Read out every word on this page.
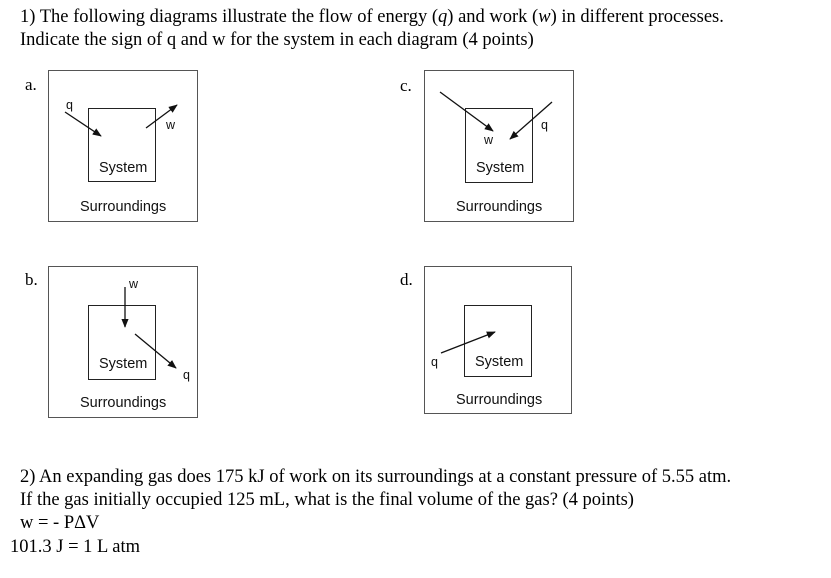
1) The following diagrams illustrate the flow of energy (q) and work (w) in different processes.
Indicate the sign of q and w for the system in each diagram (4 points)
a.	c.
b.	d.
System
Surroundings
q
w
System
Surroundings
w
q
System
Surroundings
w
q
System
Surroundings
q
2) An expanding gas does 175 kJ of work on its surroundings at a constant pressure of 5.55 atm.
If the gas initially occupied 125 mL, what is the final volume of the gas? (4 points)
w = - PΔV
101.3 J = 1 L atm
